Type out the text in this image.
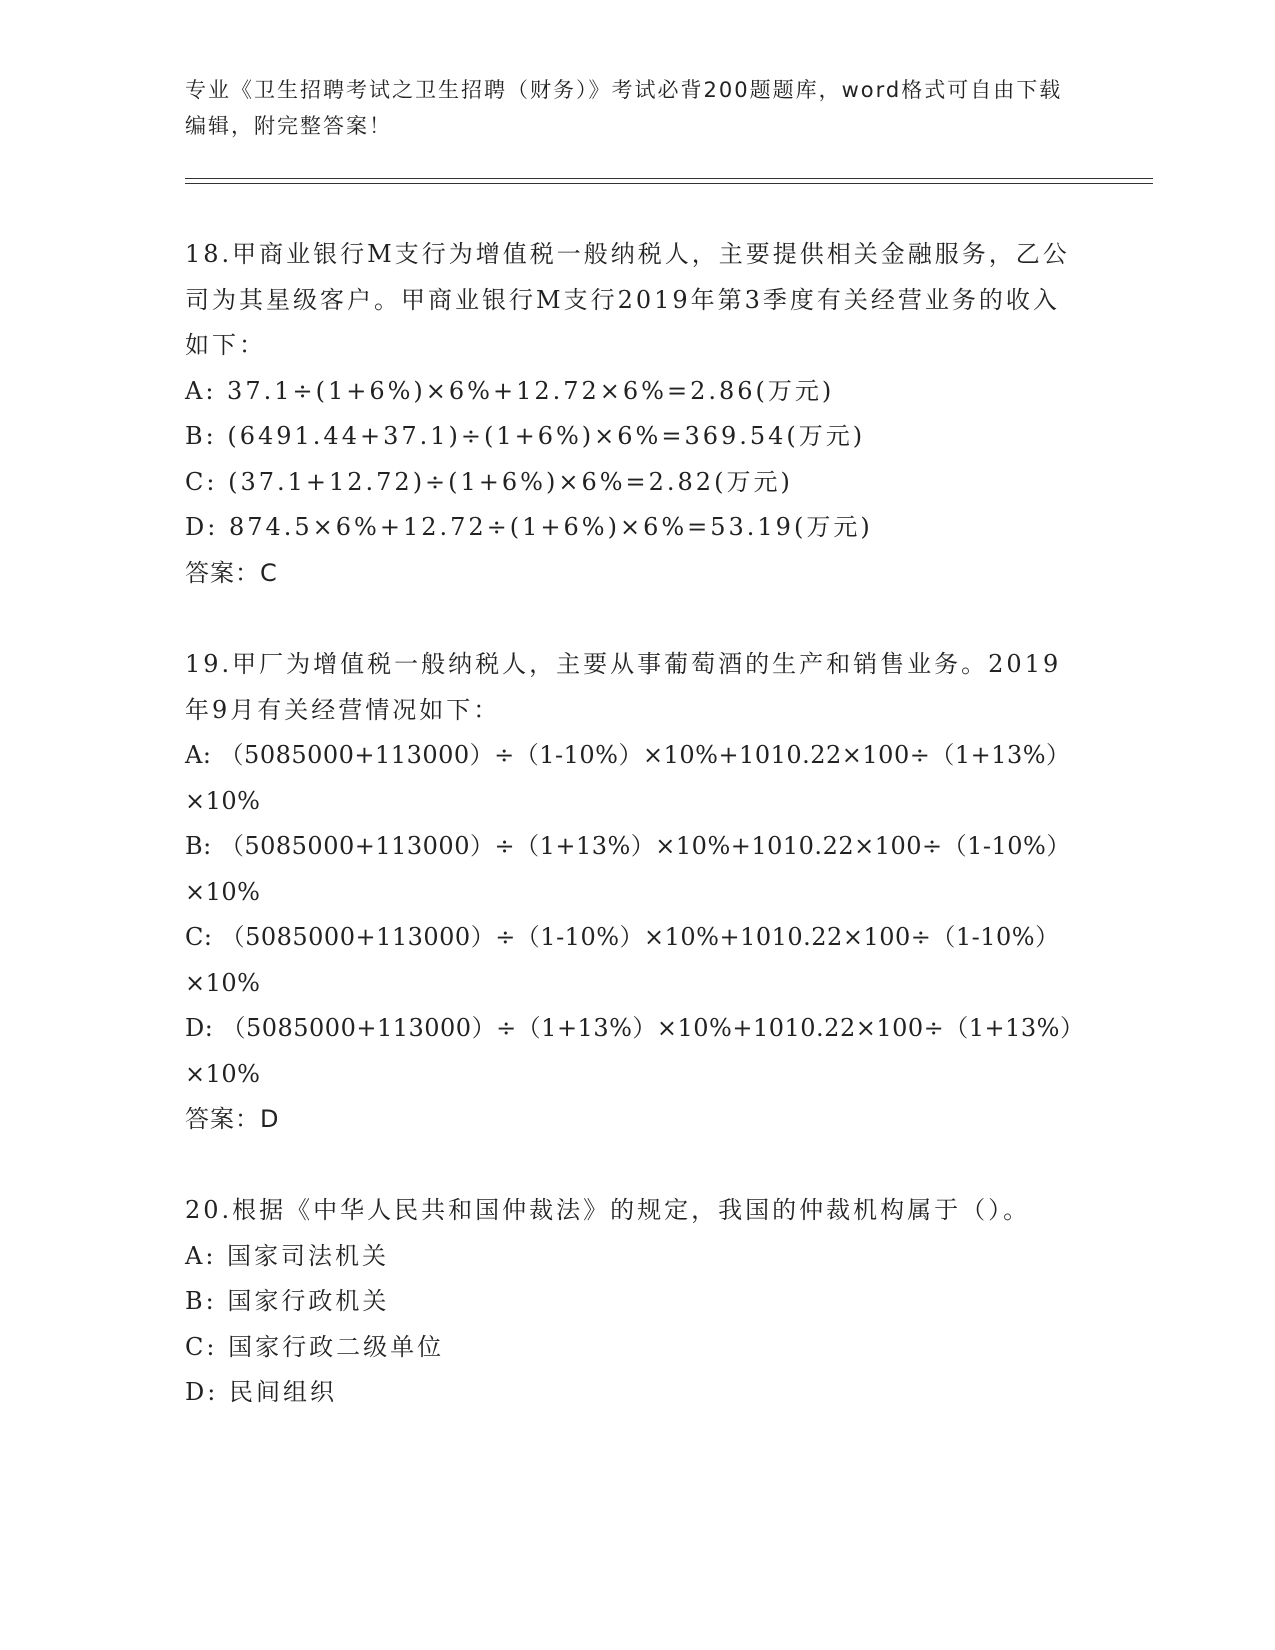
专业《卫生招聘考试之卫生招聘（财务）》考试必背200题题库，word格式可自由下载编辑，附完整答案！
18.甲商业银行M支行为增值税一般纳税人，主要提供相关金融服务，乙公司为其星级客户。甲商业银行M支行2019年第3季度有关经营业务的收入如下：
A: 37.1÷(1+6%)×6%+12.72×6%=2.86(万元)
B: (6491.44+37.1)÷(1+6%)×6%=369.54(万元)
C: (37.1+12.72)÷(1+6%)×6%=2.82(万元)
D: 874.5×6%+12.72÷(1+6%)×6%=53.19(万元)
答案：C
19.甲厂为增值税一般纳税人，主要从事葡萄酒的生产和销售业务。2019年9月有关经营情况如下：
A: （5085000+113000）÷（1-10%）×10%+1010.22×100÷（1+13%）×10%
B: （5085000+113000）÷（1+13%）×10%+1010.22×100÷（1-10%）×10%
C: （5085000+113000）÷（1-10%）×10%+1010.22×100÷（1-10%）×10%
D: （5085000+113000）÷（1+13%）×10%+1010.22×100÷（1+13%）×10%
答案：D
20.根据《中华人民共和国仲裁法》的规定，我国的仲裁机构属于（）。
A: 国家司法机关
B: 国家行政机关
C: 国家行政二级单位
D: 民间组织
